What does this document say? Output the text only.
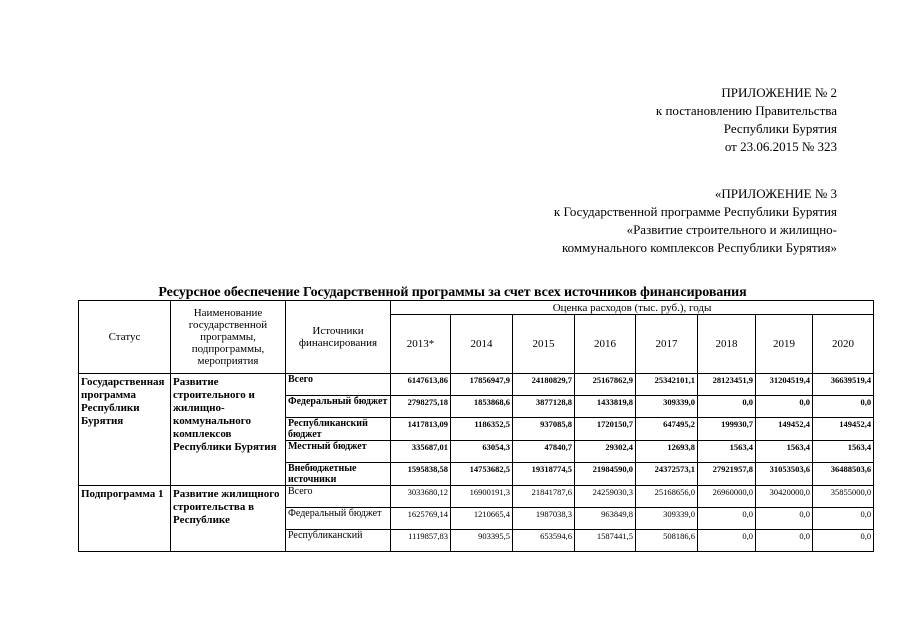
ПРИЛОЖЕНИЕ № 2
к постановлению Правительства
Республики Бурятия
от 23.06.2015 № 323
«ПРИЛОЖЕНИЕ № 3
к Государственной программе Республики Бурятия
«Развитие строительного и жилищно-
коммунального комплексов Республики Бурятия»
Ресурсное обеспечение Государственной программы за счет всех источников финансирования
Статус	Наименование государственной программы, подпрограммы, мероприятия	Источники финансирования	Оценка расходов (тыс. руб.), годы							
			2013*	2014	2015	2016	2017	2018	2019	2020
Государственная программа Республики Бурятия	Развитие строительного и жилищно-коммунального комплексов Республики Бурятия	Всего	6147613,86	17856947,9	24180829,7	25167862,9	25342101,1	28123451,9	31204519,4	36639519,4
		Федеральный бюджет	2798275,18	1853868,6	3877128,8	1433819,8	309339,0	0,0	0,0	0,0
		Республиканский бюджет	1417813,09	1186352,5	937085,8	1720150,7	647495,2	199930,7	149452,4	149452,4
		Местный бюджет	335687,01	63054,3	47840,7	29302,4	12693,8	1563,4	1563,4	1563,4
		Внебюджетные источники	1595838,58	14753682,5	19318774,5	21984590,0	24372573,1	27921957,8	31053503,6	36488503,6
Подпрограмма 1	Развитие жилищного строительства в Республике	Всего	3033680,12	16900191,3	21841787,6	24259030,3	25168656,0	26960000,0	30420000,0	35855000,0
		Федеральный бюджет	1625769,14	1210665,4	1987038,3	963849,8	309339,0	0,0	0,0	0,0
		Республиканский	1119857,83	903395,5	653594,6	1587441,5	508186,6	0,0	0,0	0,0
